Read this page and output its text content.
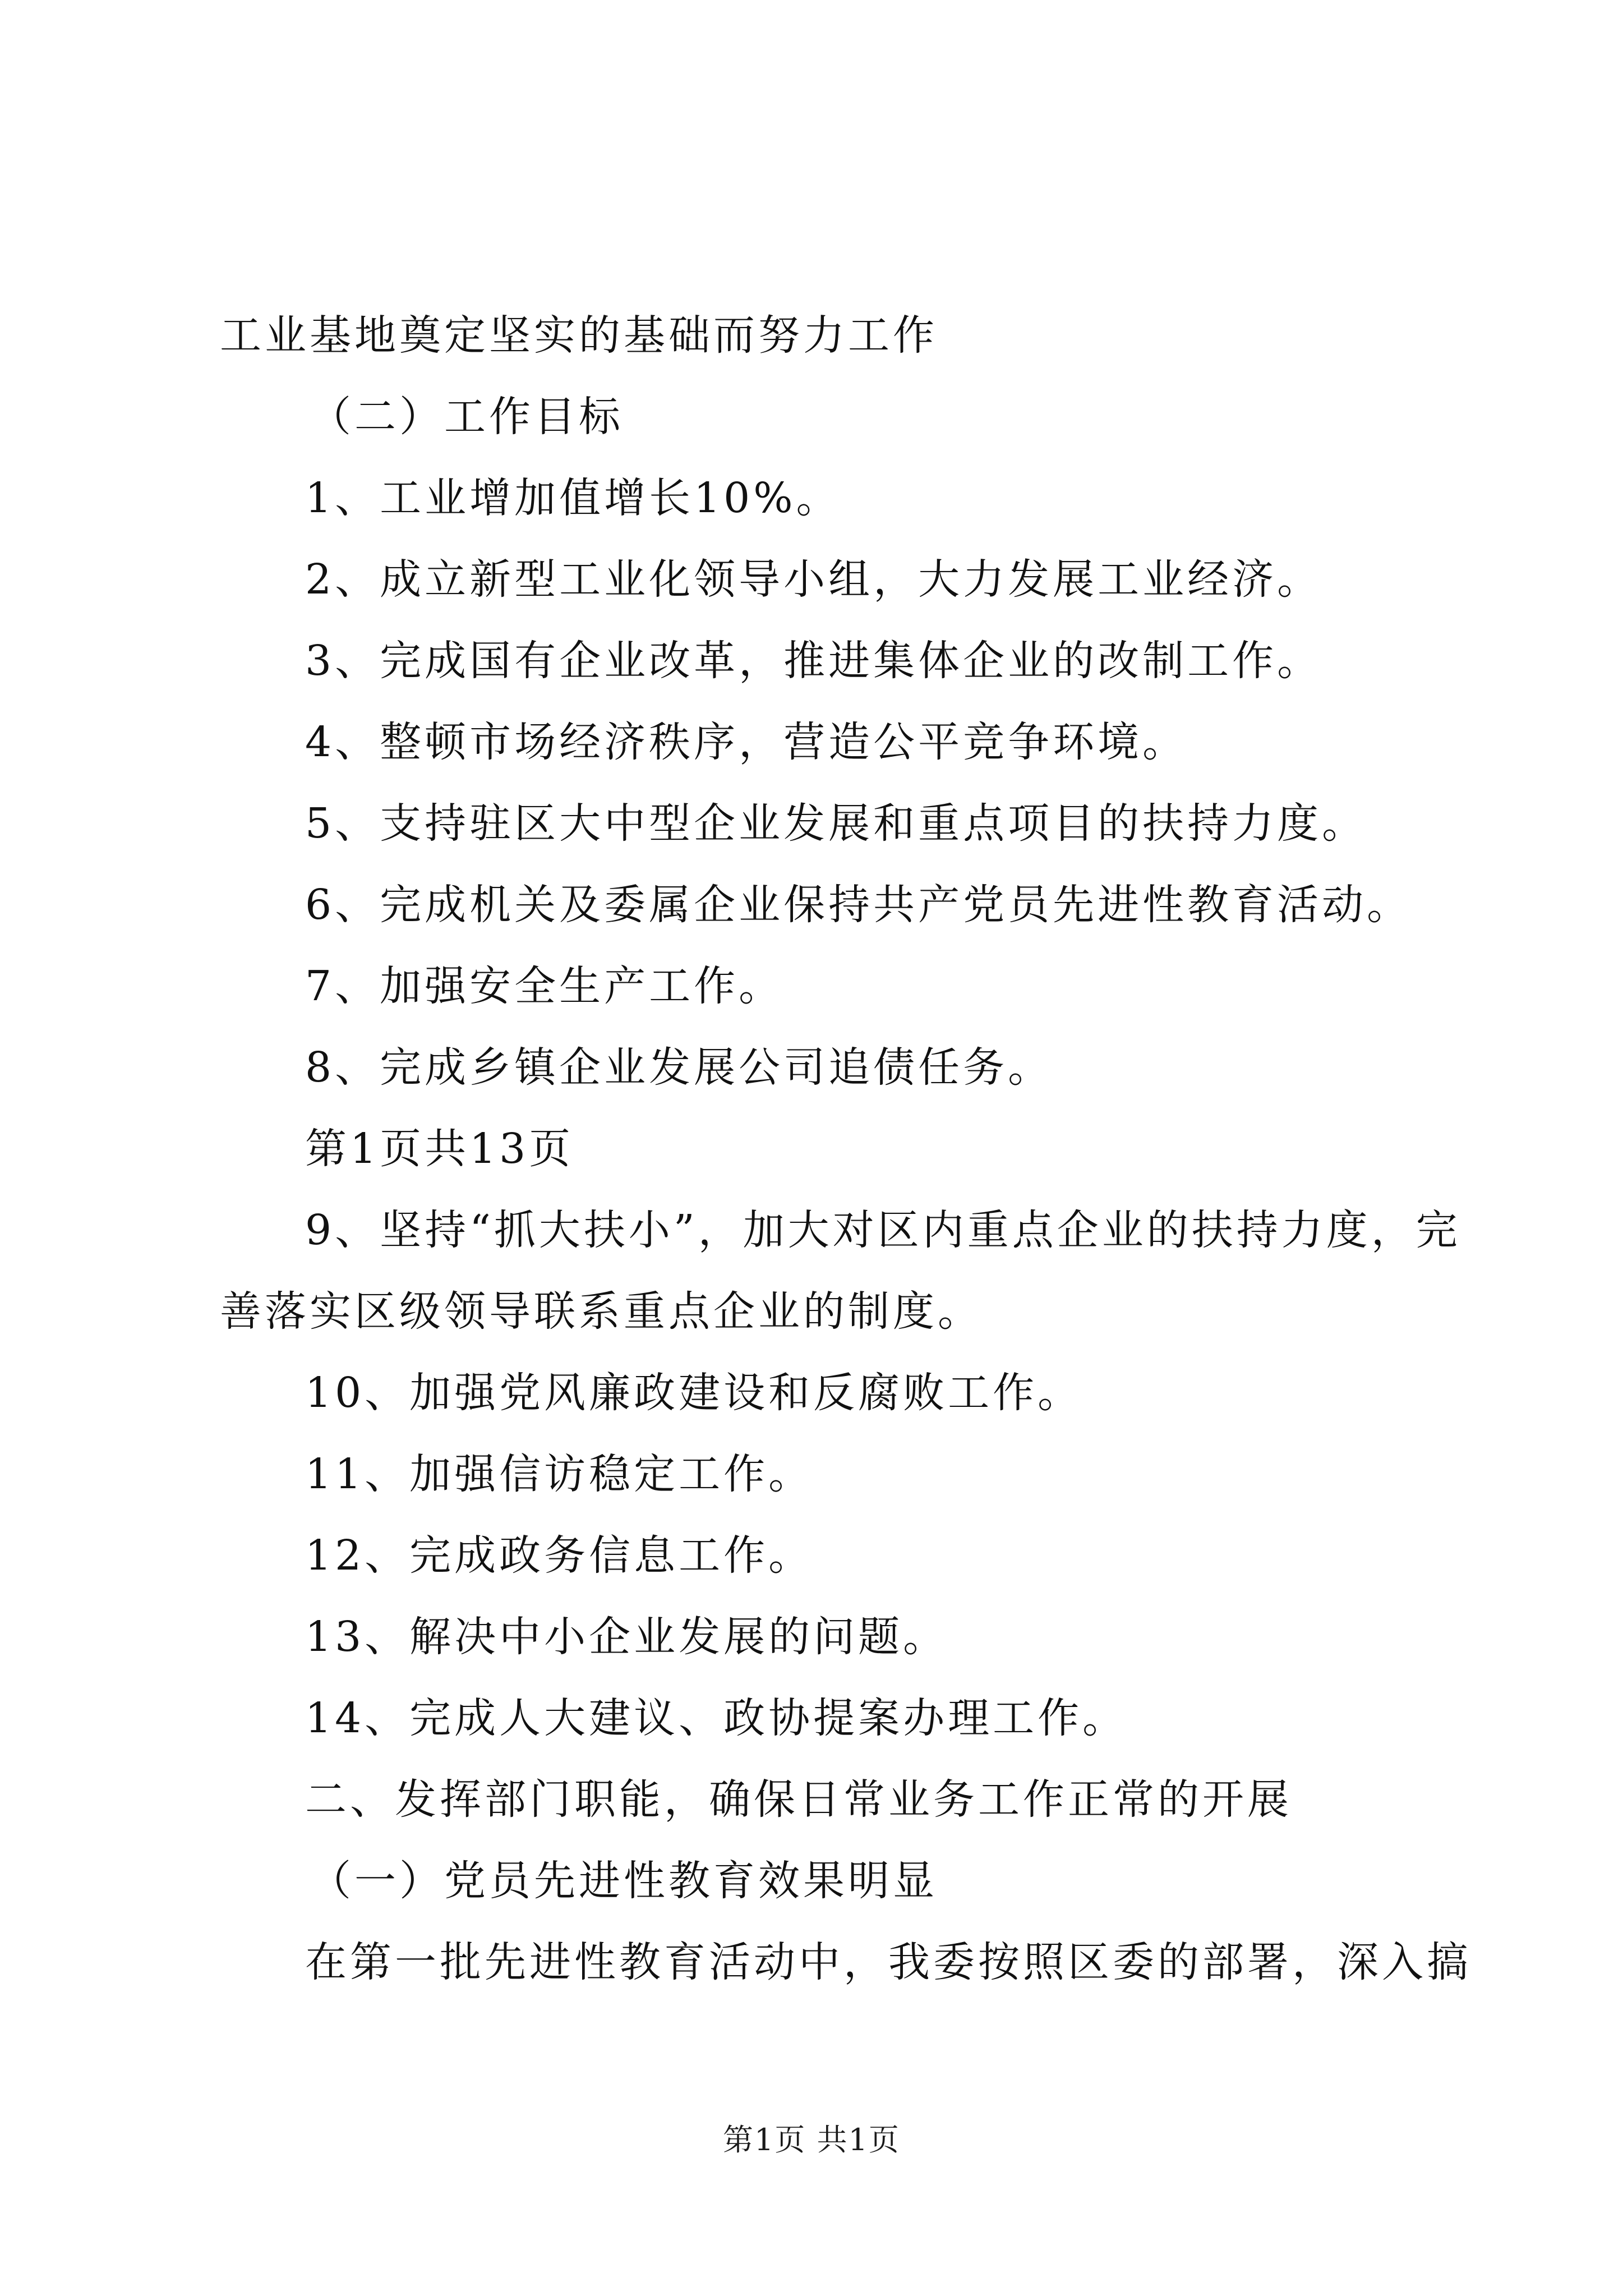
工业基地奠定坚实的基础而努力工作
（二）工作目标
1、工业增加值增长10%。
2、成立新型工业化领导小组，大力发展工业经济。
3、完成国有企业改革，推进集体企业的改制工作。
4、整顿市场经济秩序，营造公平竞争环境。
5、支持驻区大中型企业发展和重点项目的扶持力度。
6、完成机关及委属企业保持共产党员先进性教育活动。
7、加强安全生产工作。
8、完成乡镇企业发展公司追债任务。
第1页共13页
9、坚持“抓大扶小”，加大对区内重点企业的扶持力度，完
善落实区级领导联系重点企业的制度。
10、加强党风廉政建设和反腐败工作。
11、加强信访稳定工作。
12、完成政务信息工作。
13、解决中小企业发展的问题。
14、完成人大建议、政协提案办理工作。
二、发挥部门职能，确保日常业务工作正常的开展
（一）党员先进性教育效果明显
在第一批先进性教育活动中，我委按照区委的部署，深入搞
第1页 共1页
